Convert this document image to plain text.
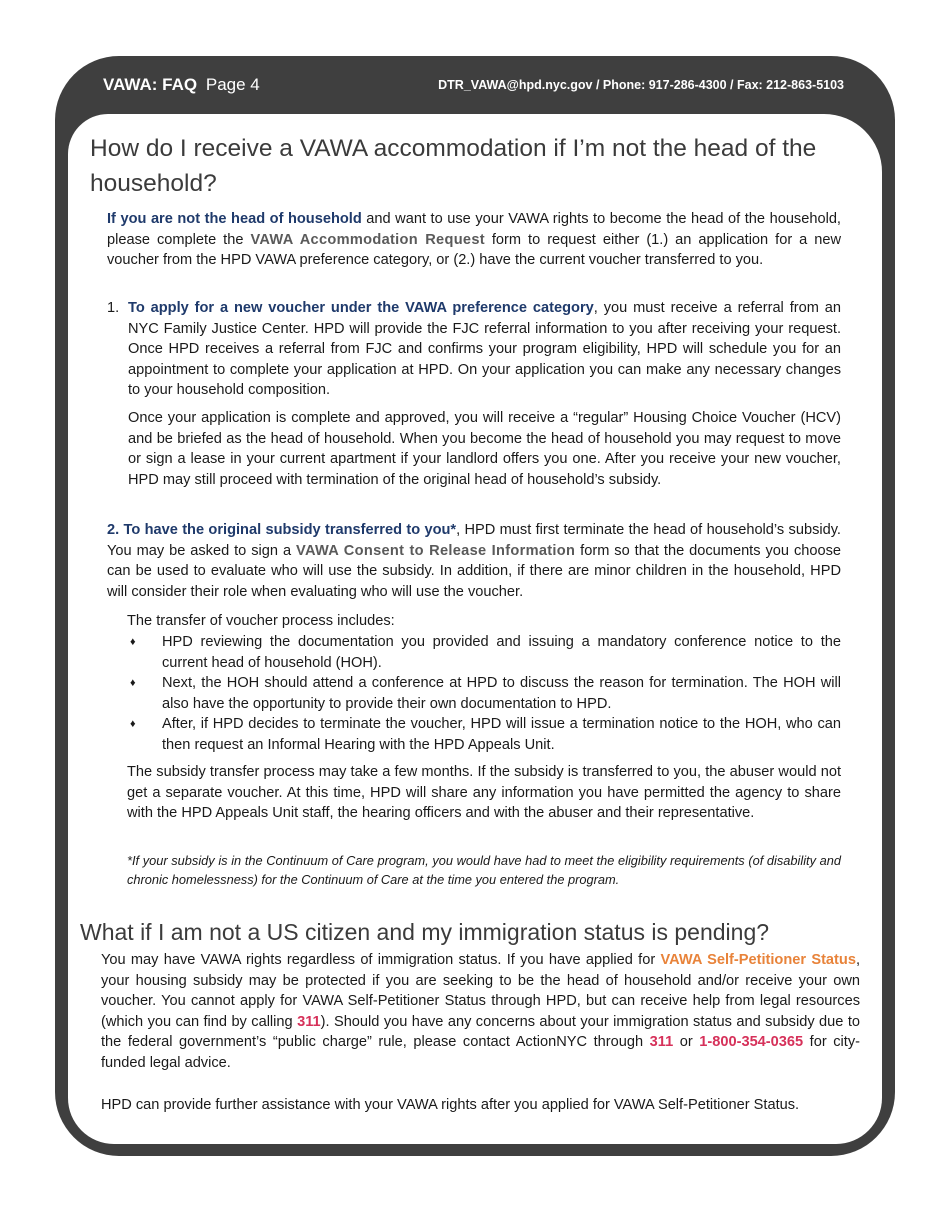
VAWA: FAQ Page 4	DTR_VAWA@hpd.nyc.gov / Phone: 917-286-4300 / Fax: 212-863-5103
How do I receive a VAWA accommodation if I’m not the head of the household?

If you are not the head of household and want to use your VAWA rights to become the head of the household, please complete the VAWA Accommodation Request form to request either (1.) an application for a new voucher from the HPD VAWA preference category, or (2.) have the current voucher transferred to you.

1. To apply for a new voucher under the VAWA preference category, you must receive a referral from an NYC Family Justice Center. HPD will provide the FJC referral information to you after receiving your request. Once HPD receives a referral from FJC and confirms your program eligibility, HPD will schedule you for an appointment to complete your application at HPD. On your application you can make any necessary changes to your household composition.

Once your application is complete and approved, you will receive a “regular” Housing Choice Voucher (HCV) and be briefed as the head of household. When you become the head of household you may request to move or sign a lease in your current apartment if your landlord offers you one. After you receive your new voucher, HPD may still proceed with termination of the original head of household’s subsidy.

2. To have the original subsidy transferred to you*, HPD must first terminate the head of household’s subsidy. You may be asked to sign a VAWA Consent to Release Information form so that the documents you choose can be used to evaluate who will use the subsidy. In addition, if there are minor children in the household, HPD will consider their role when evaluating who will use the voucher.

The transfer of voucher process includes:

♦ HPD reviewing the documentation you provided and issuing a mandatory conference notice to the current head of household (HOH).
♦ Next, the HOH should attend a conference at HPD to discuss the reason for termination. The HOH will also have the opportunity to provide their own documentation to HPD.
♦ After, if HPD decides to terminate the voucher, HPD will issue a termination notice to the HOH, who can then request an Informal Hearing with the HPD Appeals Unit.

The subsidy transfer process may take a few months. If the subsidy is transferred to you, the abuser would not get a separate voucher. At this time, HPD will share any information you have permitted the agency to share with the HPD Appeals Unit staff, the hearing officers and with the abuser and their representative.

*If your subsidy is in the Continuum of Care program, you would have had to meet the eligibility requirements (of disability and chronic homelessness) for the Continuum of Care at the time you entered the program.

What if I am not a US citizen and my immigration status is pending?

You may have VAWA rights regardless of immigration status. If you have applied for VAWA Self-Petitioner Status, your housing subsidy may be protected if you are seeking to be the head of household and/or receive your own voucher. You cannot apply for VAWA Self-Petitioner Status through HPD, but can receive help from legal resources (which you can find by calling 311). Should you have any concerns about your immigration status and subsidy due to the federal government’s “public charge” rule, please contact ActionNYC through 311 or 1-800-354-0365 for city-funded legal advice.

HPD can provide further assistance with your VAWA rights after you applied for VAWA Self-Petitioner Status.
